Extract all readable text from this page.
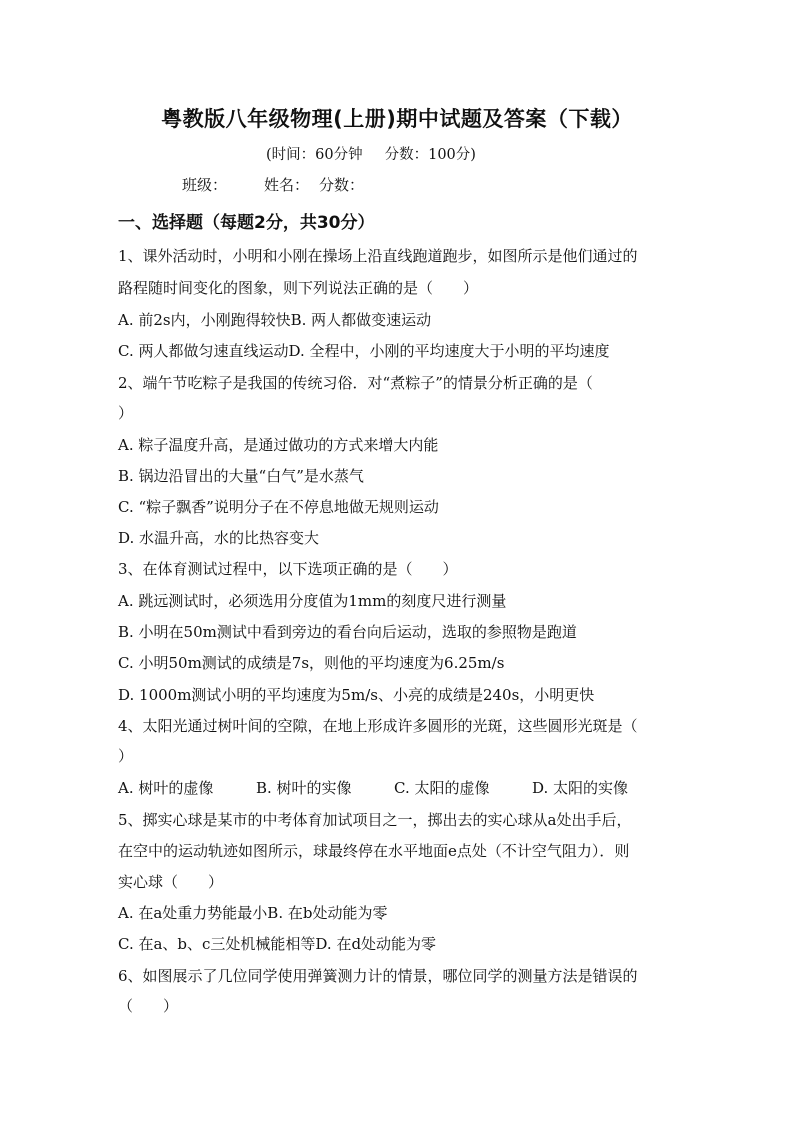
粤教版八年级物理(上册)期中试题及答案（下载）
(时间：60分钟 分数：100分)
班级： 姓名： 分数：
一、选择题（每题2分，共30分）
1、课外活动时，小明和小刚在操场上沿直线跑道跑步，如图所示是他们通过的
路程随时间变化的图象，则下列说法正确的是（　　）
A. 前2s内，小刚跑得较快B. 两人都做变速运动
C. 两人都做匀速直线运动D. 全程中，小刚的平均速度大于小明的平均速度
2、端午节吃粽子是我国的传统习俗．对“煮粽子”的情景分析正确的是（
）
A. 粽子温度升高，是通过做功的方式来增大内能
B. 锅边沿冒出的大量“白气”是水蒸气
C. “粽子飘香”说明分子在不停息地做无规则运动
D. 水温升高，水的比热容变大
3、在体育测试过程中，以下选项正确的是（　　）
A. 跳远测试时，必须选用分度值为1mm的刻度尺进行测量
B. 小明在50m测试中看到旁边的看台向后运动，选取的参照物是跑道
C. 小明50m测试的成绩是7s，则他的平均速度为6.25m/s
D. 1000m测试小明的平均速度为5m/s、小亮的成绩是240s，小明更快
4、太阳光通过树叶间的空隙，在地上形成许多圆形的光斑，这些圆形光斑是（
）
A. 树叶的虚像	B. 树叶的实像	C. 太阳的虚像	D. 太阳的实像
5、掷实心球是某市的中考体育加试项目之一，掷出去的实心球从a处出手后，
在空中的运动轨迹如图所示，球最终停在水平地面e点处（不计空气阻力）．则
实心球（　　）
A. 在a处重力势能最小B. 在b处动能为零
C. 在a、b、c三处机械能相等D. 在d处动能为零
6、如图展示了几位同学使用弹簧测力计的情景，哪位同学的测量方法是错误的
（　　）
